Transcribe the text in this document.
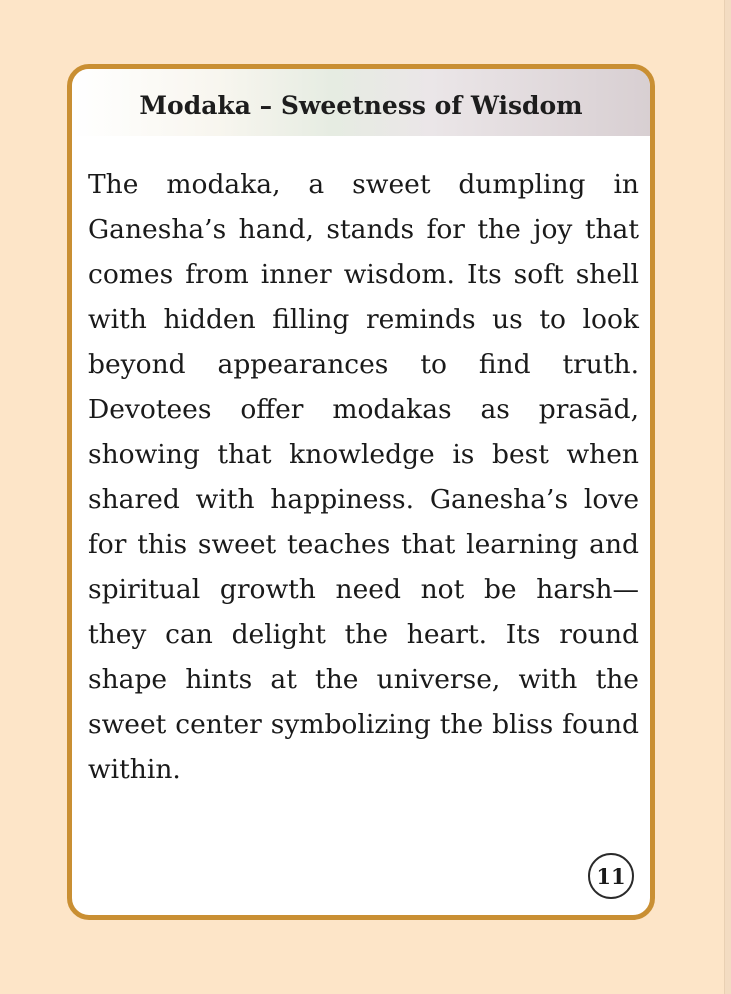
Modaka – Sweetness of Wisdom

The modaka, a sweet dumpling in Ganesha’s hand, stands for the joy that comes from inner wisdom. Its soft shell with hidden filling reminds us to look beyond appearances to find truth. Devotees offer modakas as prasād, showing that knowledge is best when shared with happiness. Ganesha’s love for this sweet teaches that learning and spiritual growth need not be harsh—they can delight the heart. Its round shape hints at the universe, with the sweet center symbolizing the bliss found within.

11
